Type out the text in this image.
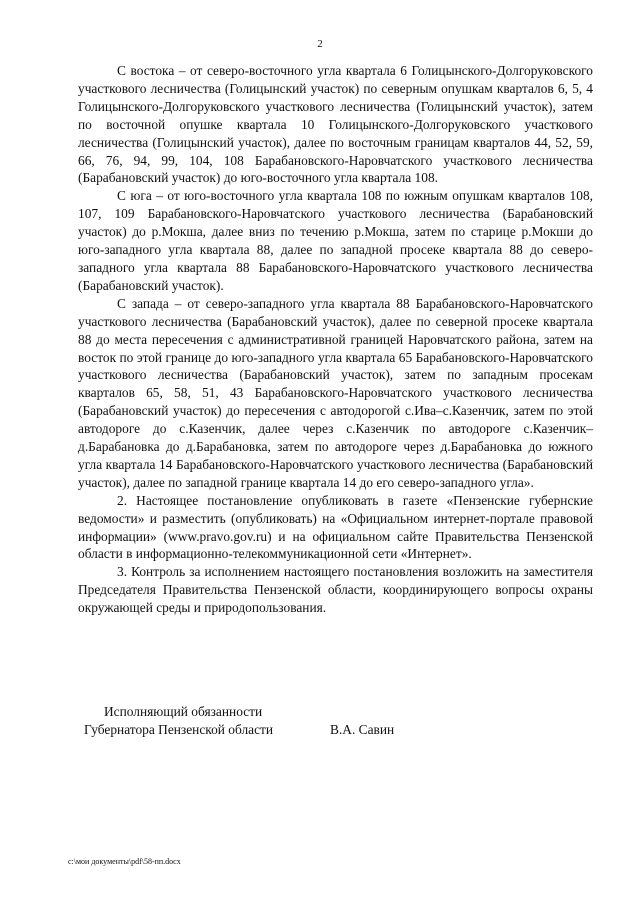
2

С востока – от северо-восточного угла квартала 6 Голицынского-Долгоруковского участкового лесничества (Голицынский участок) по северным опушкам кварталов 6, 5, 4 Голицынского-Долгоруковского участкового лесничества (Голицынский участок), затем по восточной опушке квартала 10 Голицынского-Долгоруковского участкового лесничества (Голицынский участок), далее по восточным границам кварталов 44, 52, 59, 66, 76, 94, 99, 104, 108 Барабановского-Наровчатского участкового лесничества (Барабановский участок) до юго-восточного угла квартала 108.

С юга – от юго-восточного угла квартала 108 по южным опушкам кварталов 108, 107, 109 Барабановского-Наровчатского участкового лесничества (Барабановский участок) до р.Мокша, далее вниз по течению р.Мокша, затем по старице р.Мокши до юго-западного угла квартала 88, далее по западной просеке квартала 88 до северо-западного угла квартала 88 Барабановского-Наровчатского участкового лесничества (Барабановский участок).

С запада – от северо-западного угла квартала 88 Барабановского-Наровчатского участкового лесничества (Барабановский участок), далее по северной просеке квартала 88 до места пересечения с административной границей Наровчатского района, затем на восток по этой границе до юго-западного угла квартала 65 Барабановского-Наровчатского участкового лесничества (Барабановский участок), затем по западным просекам кварталов 65, 58, 51, 43 Барабановского-Наровчатского участкового лесничества (Барабановский участок) до пересечения с автодорогой с.Ива–с.Казенчик, затем по этой автодороге до с.Казенчик, далее через с.Казенчик по автодороге с.Казенчик–д.Барабановка до д.Барабановка, затем по автодороге через д.Барабановка до южного угла квартала 14 Барабановского-Наровчатского участкового лесничества (Барабановский участок), далее по западной границе квартала 14 до его северо-западного угла».

2. Настоящее постановление опубликовать в газете «Пензенские губернские ведомости» и разместить (опубликовать) на «Официальном интернет-портале правовой информации» (www.pravo.gov.ru) и на официальном сайте Правительства Пензенской области в информационно-телекоммуникационной сети «Интернет».

3. Контроль за исполнением настоящего постановления возложить на заместителя Председателя Правительства Пензенской области, координирующего вопросы охраны окружающей среды и природопользования.

Исполняющий обязанности
Губернатора Пензенской области	В.А. Савин
c:\мои документы\pdf\58-пп.docx
